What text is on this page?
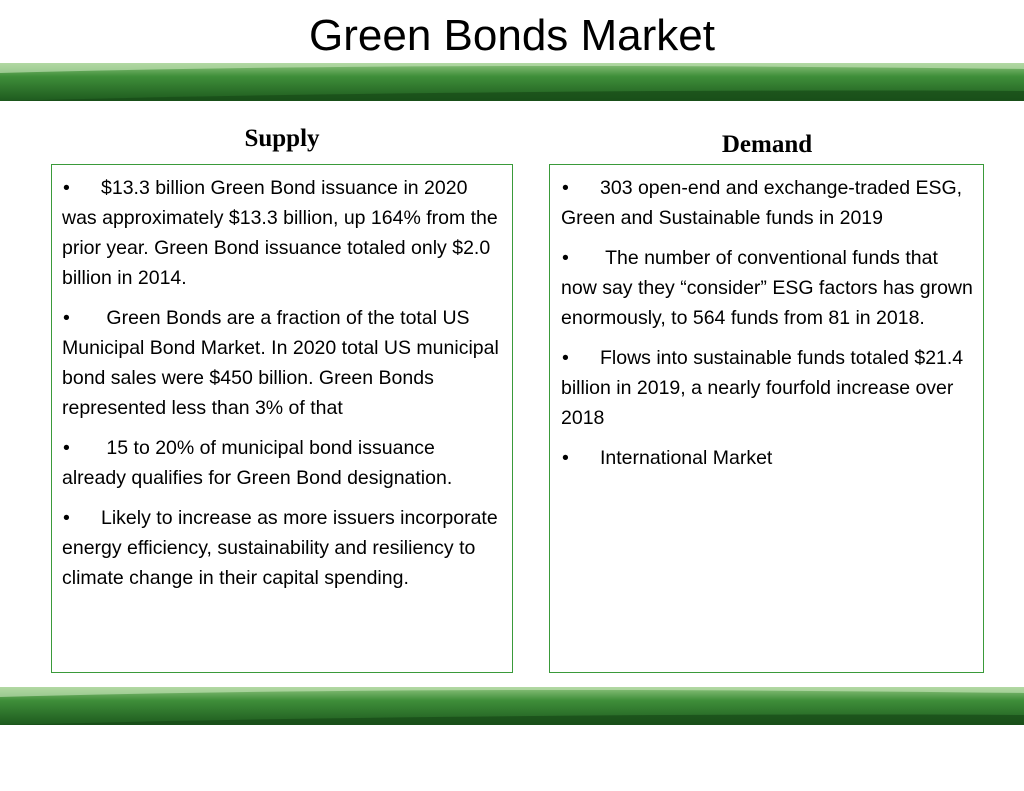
Green Bonds Market
Supply	Demand
• $13.3 billion Green Bond issuance in 2020 was approximately $13.3 billion, up 164% from the prior year. Green Bond issuance totaled only $2.0 billion in 2014.
• Green Bonds are a fraction of the total US Municipal Bond Market. In 2020 total US municipal bond sales were $450 billion. Green Bonds represented less than 3% of that
• 15 to 20% of municipal bond issuance already qualifies for Green Bond designation.
• Likely to increase as more issuers incorporate energy efficiency, sustainability and resiliency to climate change in their capital spending.
• 303 open-end and exchange-traded ESG, Green and Sustainable funds in 2019
• The number of conventional funds that now say they “consider” ESG factors has grown enormously, to 564 funds from 81 in 2018.
• Flows into sustainable funds totaled $21.4 billion in 2019, a nearly fourfold increase over 2018
• International Market
